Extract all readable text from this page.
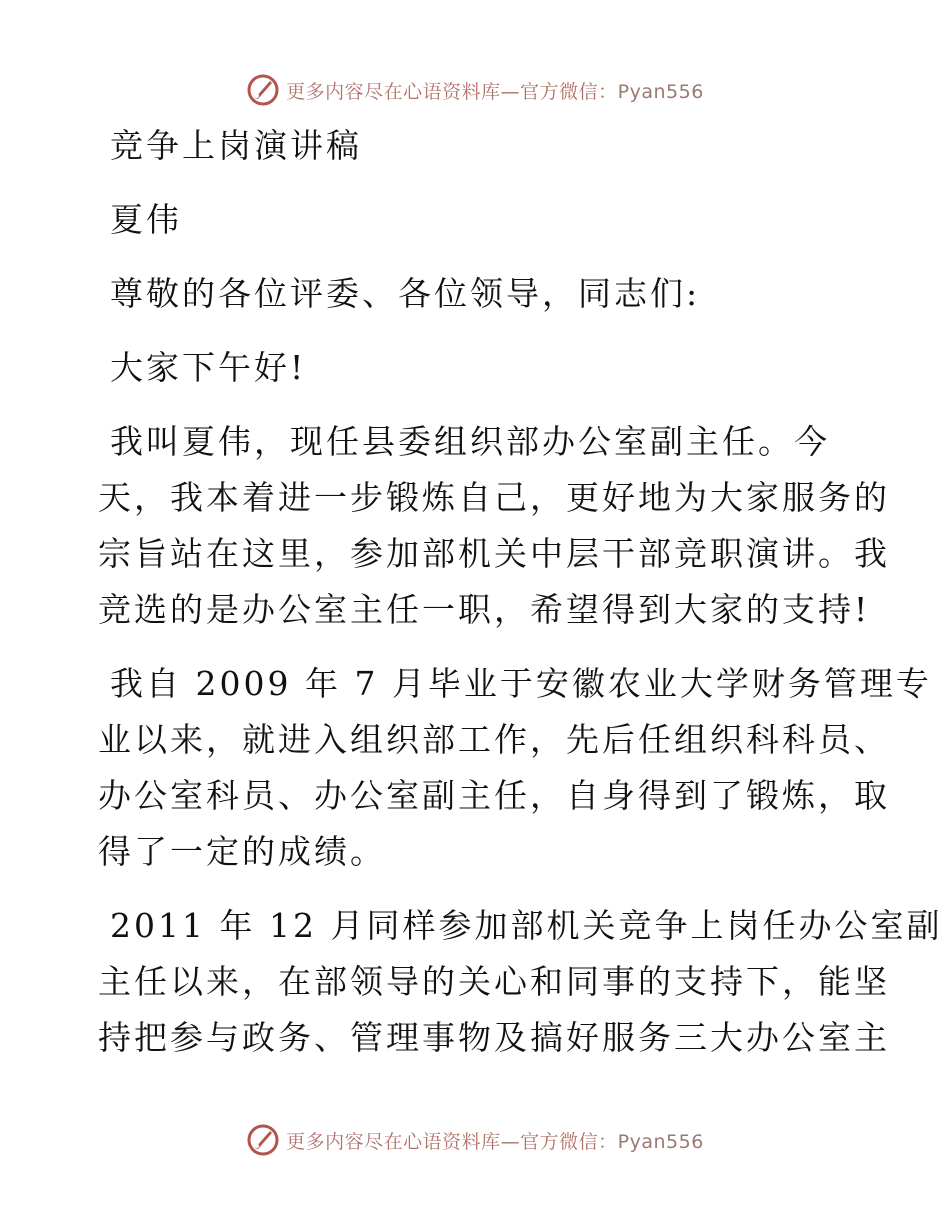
更多内容尽在心语资料库—官方微信：Pyan556
竞争上岗演讲稿
夏伟
尊敬的各位评委、各位领导，同志们:
大家下午好!
我叫夏伟，现任县委组织部办公室副主任。今
天，我本着进一步锻炼自己，更好地为大家服务的
宗旨站在这里，参加部机关中层干部竞职演讲。我
竞选的是办公室主任一职，希望得到大家的支持!
我自 2009 年 7 月毕业于安徽农业大学财务管理专
业以来，就进入组织部工作，先后任组织科科员、
办公室科员、办公室副主任，自身得到了锻炼，取
得了一定的成绩。
2011 年 12 月同样参加部机关竞争上岗任办公室副
主任以来，在部领导的关心和同事的支持下，能坚
持把参与政务、管理事物及搞好服务三大办公室主
更多内容尽在心语资料库—官方微信：Pyan556
